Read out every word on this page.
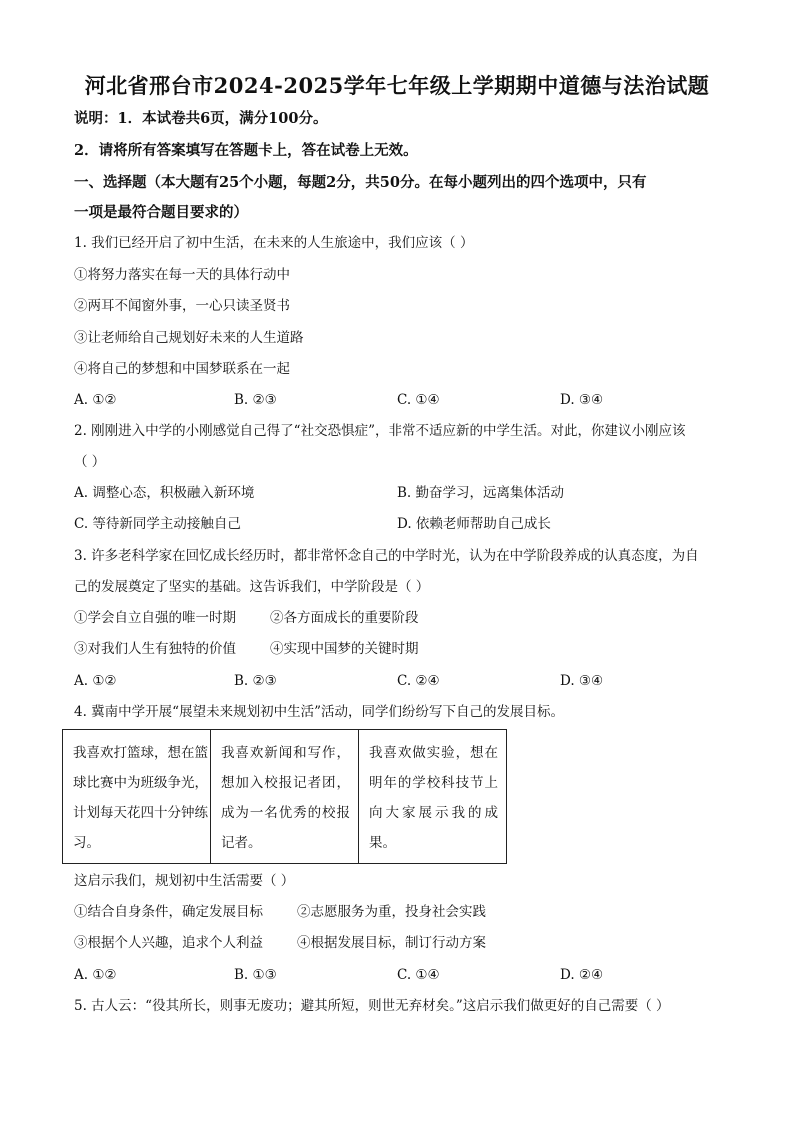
河北省邢台市2024-2025学年七年级上学期期中道德与法治试题
说明：1．本试卷共6页，满分100分。
2．请将所有答案填写在答题卡上，答在试卷上无效。
一、选择题（本大题有25个小题，每题2分，共50分。在每小题列出的四个选项中，只有
一项是最符合题目要求的）
1. 我们已经开启了初中生活，在未来的人生旅途中，我们应该（ ）
①将努力落实在每一天的具体行动中
②两耳不闻窗外事，一心只读圣贤书
③让老师给自己规划好未来的人生道路
④将自己的梦想和中国梦联系在一起
A. ①②	B. ②③	C. ①④	D. ③④
2. 刚刚进入中学的小刚感觉自己得了“社交恐惧症”，非常不适应新的中学生活。对此，你建议小刚应该
（ ）
A. 调整心态，积极融入新环境	B. 勤奋学习，远离集体活动
C. 等待新同学主动接触自己	D. 依赖老师帮助自己成长
3. 许多老科学家在回忆成长经历时，都非常怀念自己的中学时光，认为在中学阶段养成的认真态度，为自
己的发展奠定了坚实的基础。这告诉我们，中学阶段是（ ）
①学会自立自强的唯一时期	②各方面成长的重要阶段
③对我们人生有独特的价值	④实现中国梦的关键时期
A. ①②	B. ②③	C. ②④	D. ③④
4. 冀南中学开展“展望未来规划初中生活”活动，同学们纷纷写下自己的发展目标。
我喜欢打篮球，想在篮
球比赛中为班级争光，
计划每天花四十分钟练
习。

我喜欢新闻和写作，
想加入校报记者团，
成为一名优秀的校报
记者。

我喜欢做实验，想在
明年的学校科技节上
向大家展示我的成
果。
这启示我们，规划初中生活需要（ ）
①结合自身条件，确定发展目标	②志愿服务为重，投身社会实践
③根据个人兴趣，追求个人利益	④根据发展目标，制订行动方案
A. ①②	B. ①③	C. ①④	D. ②④
5. 古人云：“役其所长，则事无废功；避其所短，则世无弃材矣。”这启示我们做更好的自己需要（ ）
